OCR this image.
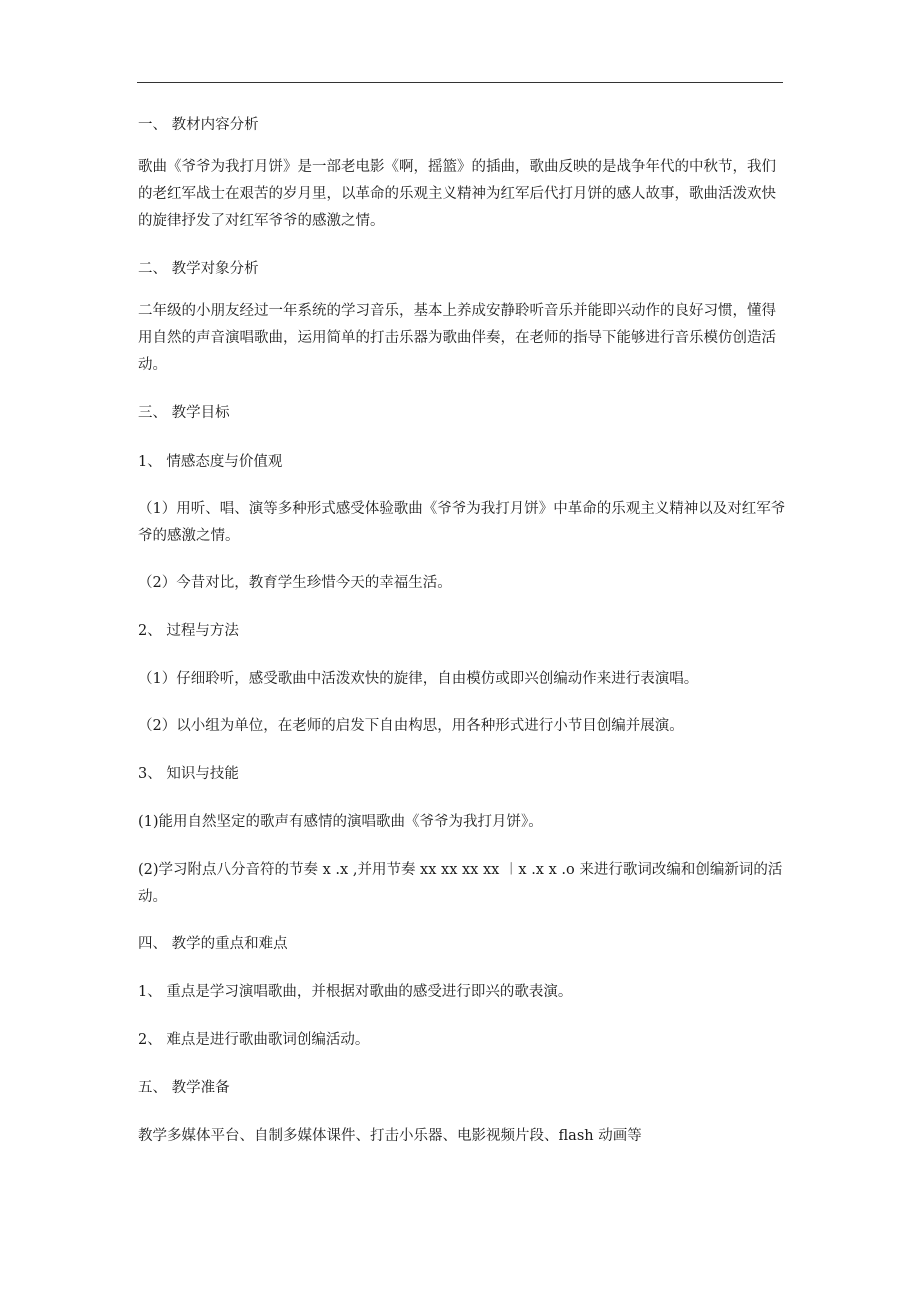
一、 教材内容分析

歌曲《爷爷为我打月饼》是一部老电影《啊，摇篮》的插曲，歌曲反映的是战争年代的中秋节，我们的老红军战士在艰苦的岁月里，以革命的乐观主义精神为红军后代打月饼的感人故事，歌曲活泼欢快的旋律抒发了对红军爷爷的感激之情。

二、 教学对象分析

二年级的小朋友经过一年系统的学习音乐，基本上养成安静聆听音乐并能即兴动作的良好习惯，懂得用自然的声音演唱歌曲，运用简单的打击乐器为歌曲伴奏，在老师的指导下能够进行音乐模仿创造活动。

三、 教学目标

1、 情感态度与价值观

（1）用听、唱、演等多种形式感受体验歌曲《爷爷为我打月饼》中革命的乐观主义精神以及对红军爷爷的感激之情。

（2）今昔对比，教育学生珍惜今天的幸福生活。

2、 过程与方法

（1）仔细聆听，感受歌曲中活泼欢快的旋律，自由模仿或即兴创编动作来进行表演唱。

（2）以小组为单位，在老师的启发下自由构思，用各种形式进行小节目创编并展演。

3、 知识与技能

(1)能用自然坚定的歌声有感情的演唱歌曲《爷爷为我打月饼》。

(2)学习附点八分音符的节奏 x .x ,并用节奏 xx xx xx xx ︱x .x x .o 来进行歌词改编和创编新词的活动。

四、 教学的重点和难点

1、 重点是学习演唱歌曲，并根据对歌曲的感受进行即兴的歌表演。

2、 难点是进行歌曲歌词创编活动。

五、 教学准备

教学多媒体平台、自制多媒体课件、打击小乐器、电影视频片段、flash 动画等
